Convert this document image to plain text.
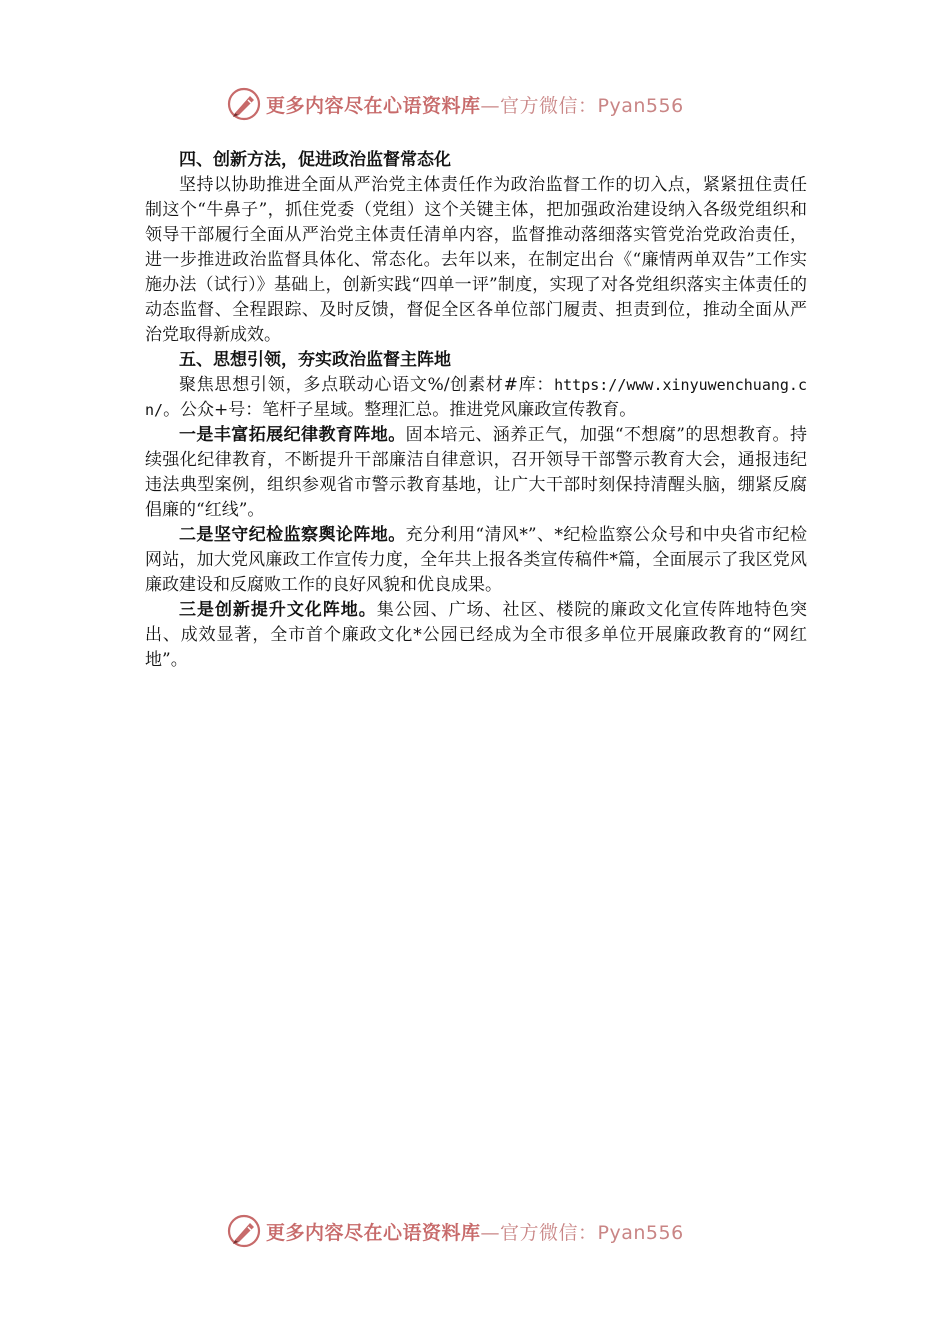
更多内容尽在心语资料库—官方微信：Pyan556

四、创新方法，促进政治监督常态化

坚持以协助推进全面从严治党主体责任作为政治监督工作的切入点，紧紧扭住责任制这个“牛鼻子”，抓住党委（党组）这个关键主体，把加强政治建设纳入各级党组织和领导干部履行全面从严治党主体责任清单内容，监督推动落细落实管党治党政治责任，进一步推进政治监督具体化、常态化。去年以来，在制定出台《“廉情两单双告”工作实施办法（试行）》基础上，创新实践“四单一评”制度，实现了对各党组织落实主体责任的动态监督、全程跟踪、及时反馈，督促全区各单位部门履责、担责到位，推动全面从严治党取得新成效。

五、思想引领，夯实政治监督主阵地

聚焦思想引领，多点联动心语文%/创素材#库：https://www.xinyuwenchuang.cn/。公众+号：笔杆子星域。整理汇总。推进党风廉政宣传教育。

一是丰富拓展纪律教育阵地。固本培元、涵养正气，加强“不想腐”的思想教育。持续强化纪律教育，不断提升干部廉洁自律意识，召开领导干部警示教育大会，通报违纪违法典型案例，组织参观省市警示教育基地，让广大干部时刻保持清醒头脑，绷紧反腐倡廉的“红线”。

二是坚守纪检监察舆论阵地。充分利用“清风*”、*纪检监察公众号和中央省市纪检网站，加大党风廉政工作宣传力度，全年共上报各类宣传稿件*篇，全面展示了我区党风廉政建设和反腐败工作的良好风貌和优良成果。

三是创新提升文化阵地。集公园、广场、社区、楼院的廉政文化宣传阵地特色突出、成效显著，全市首个廉政文化*公园已经成为全市很多单位开展廉政教育的“网红地”。

更多内容尽在心语资料库—官方微信：Pyan556
